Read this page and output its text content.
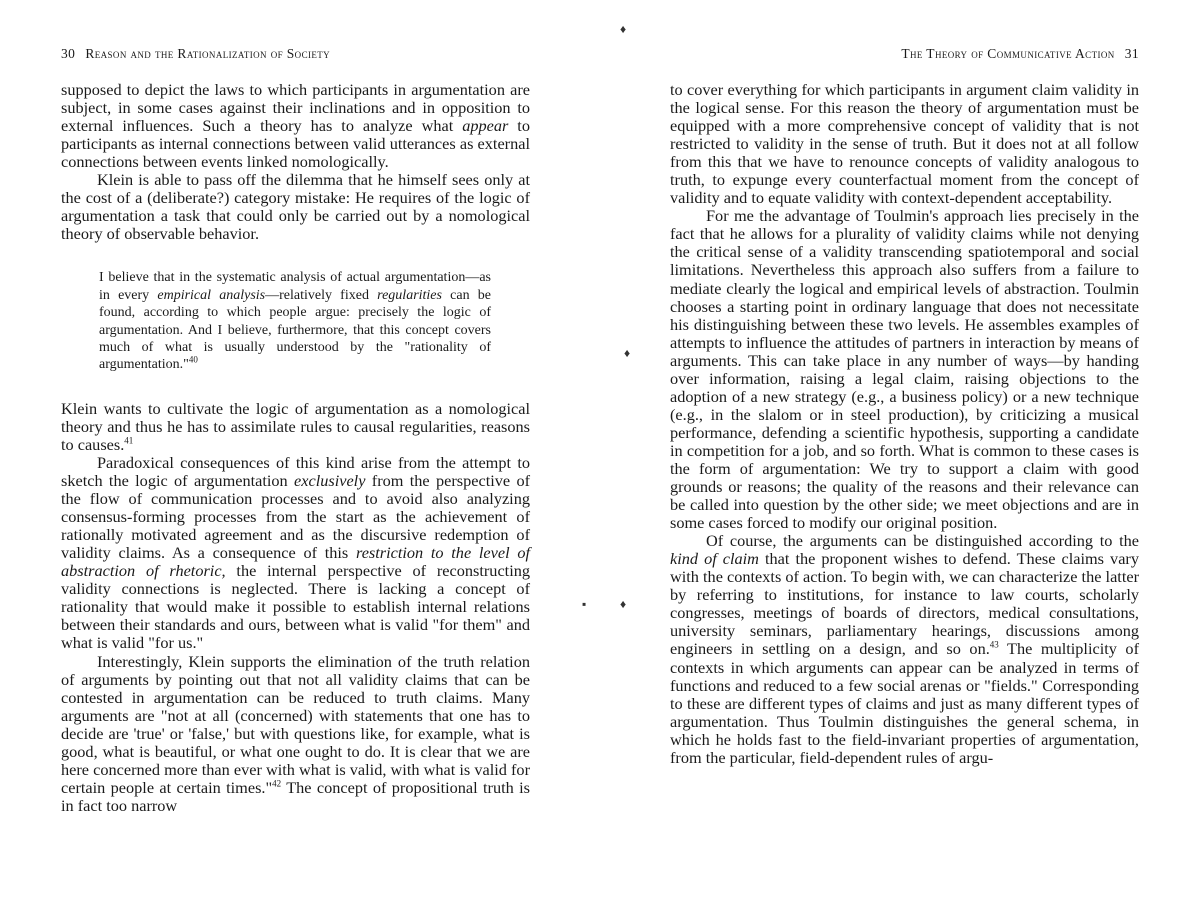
♦
♦
♦
▪
30 Reason and the Rationalization of Society

supposed to depict the laws to which participants in argumentation are subject, in some cases against their inclinations and in opposition to external influences. Such a theory has to analyze what appear to participants as internal connections between valid utterances as external connections between events linked nomologically.

Klein is able to pass off the dilemma that he himself sees only at the cost of a (deliberate?) category mistake: He requires of the logic of argumentation a task that could only be carried out by a nomological theory of observable behavior.

I believe that in the systematic analysis of actual argumentation—as in every empirical analysis—relatively fixed regularities can be found, according to which people argue: precisely the logic of argumentation. And I believe, furthermore, that this concept covers much of what is usually understood by the "rationality of argumentation."$^{40}$

Klein wants to cultivate the logic of argumentation as a nomological theory and thus he has to assimilate rules to causal regularities, reasons to causes.$^{41}$

Paradoxical consequences of this kind arise from the attempt to sketch the logic of argumentation exclusively from the perspective of the flow of communication processes and to avoid also analyzing consensus-forming processes from the start as the achievement of rationally motivated agreement and as the discursive redemption of validity claims. As a consequence of this restriction to the level of abstraction of rhetoric, the internal perspective of reconstructing validity connections is neglected. There is lacking a concept of rationality that would make it possible to establish internal relations between their standards and ours, between what is valid "for them" and what is valid "for us."

Interestingly, Klein supports the elimination of the truth relation of arguments by pointing out that not all validity claims that can be contested in argumentation can be reduced to truth claims. Many arguments are "not at all (concerned) with statements that one has to decide are 'true' or 'false,' but with questions like, for example, what is good, what is beautiful, or what one ought to do. It is clear that we are here concerned more than ever with what is valid, with what is valid for certain people at certain times."$^{42}$ The concept of propositional truth is in fact too narrow

The Theory of Communicative Action 31

to cover everything for which participants in argument claim validity in the logical sense. For this reason the theory of argumentation must be equipped with a more comprehensive concept of validity that is not restricted to validity in the sense of truth. But it does not at all follow from this that we have to renounce concepts of validity analogous to truth, to expunge every counterfactual moment from the concept of validity and to equate validity with context-dependent acceptability.

For me the advantage of Toulmin's approach lies precisely in the fact that he allows for a plurality of validity claims while not denying the critical sense of a validity transcending spatiotemporal and social limitations. Nevertheless this approach also suffers from a failure to mediate clearly the logical and empirical levels of abstraction. Toulmin chooses a starting point in ordinary language that does not necessitate his distinguishing between these two levels. He assembles examples of attempts to influence the attitudes of partners in interaction by means of arguments. This can take place in any number of ways—by handing over information, raising a legal claim, raising objections to the adoption of a new strategy (e.g., a business policy) or a new technique (e.g., in the slalom or in steel production), by criticizing a musical performance, defending a scientific hypothesis, supporting a candidate in competition for a job, and so forth. What is common to these cases is the form of argumentation: We try to support a claim with good grounds or reasons; the quality of the reasons and their relevance can be called into question by the other side; we meet objections and are in some cases forced to modify our original position.

Of course, the arguments can be distinguished according to the kind of claim that the proponent wishes to defend. These claims vary with the contexts of action. To begin with, we can characterize the latter by referring to institutions, for instance to law courts, scholarly congresses, meetings of boards of directors, medical consultations, university seminars, parliamentary hearings, discussions among engineers in settling on a design, and so on.$^{43}$ The multiplicity of contexts in which arguments can appear can be analyzed in terms of functions and reduced to a few social arenas or "fields." Corresponding to these are different types of claims and just as many different types of argumentation. Thus Toulmin distinguishes the general schema, in which he holds fast to the field-invariant properties of argumentation, from the particular, field-dependent rules of argu-
